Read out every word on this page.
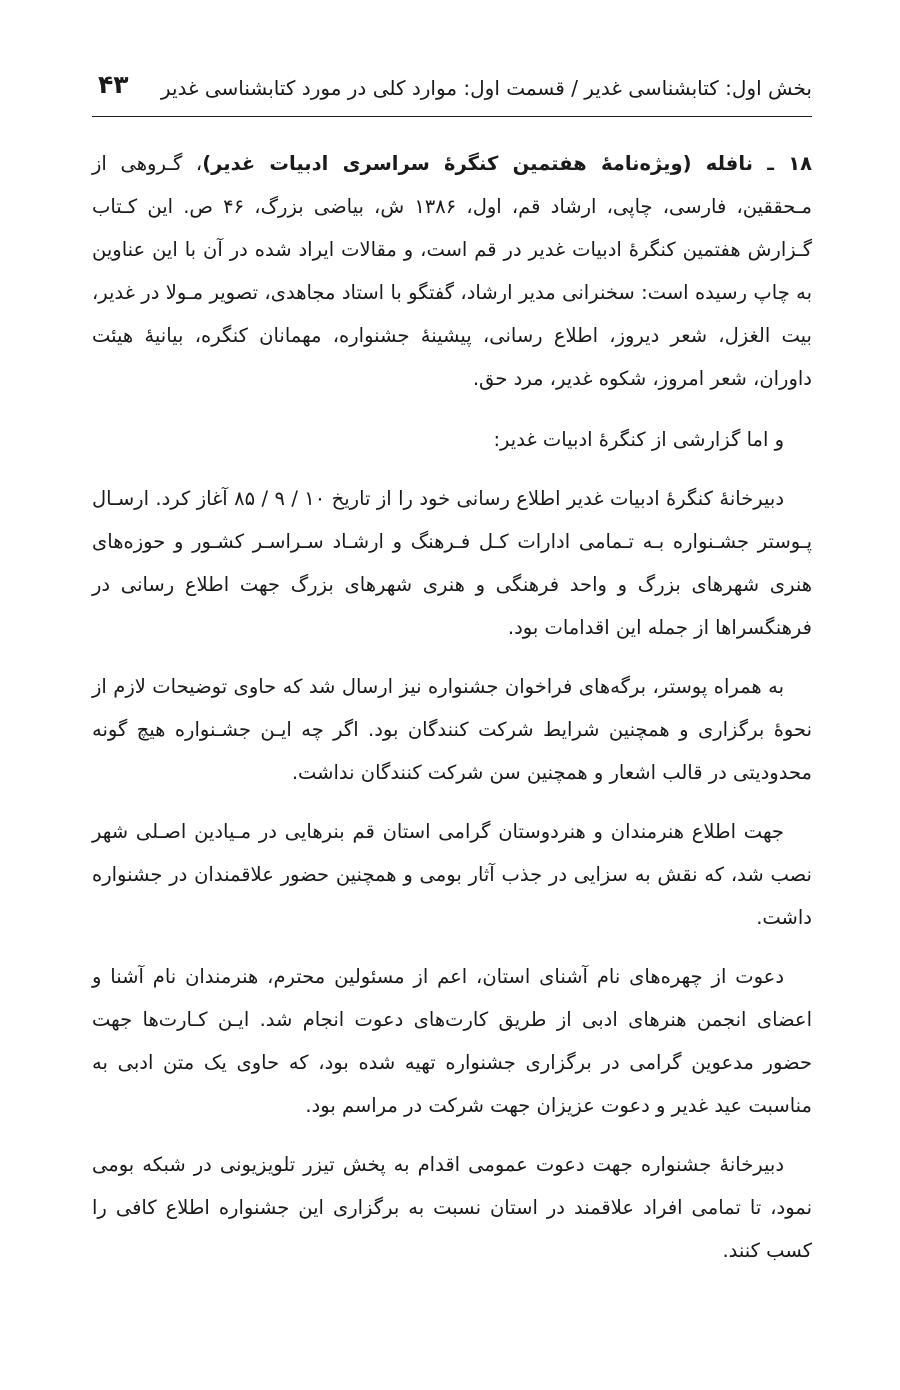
بخش اول: کتابشناسی غدیر / قسمت اول: موارد کلی در مورد کتابشناسی غدیر
۴۳

۱۸ ـ نافله (ویژه‌نامۀ هفتمین کنگرۀ سراسری ادبیات غدیر)، گـروهی از مـحققین، فارسی، چاپی، ارشاد قم، اول، ۱۳۸۶ ش، بیاضی بزرگ، ۴۶ ص. این کـتاب گـزارش هفتمین کنگرۀ ادبیات غدیر در قم است، و مقالات ایراد شده در آن با این عناوین به چاپ رسیده است: سخنرانی مدیر ارشاد، گفتگو با استاد مجاهدی، تصویر مـولا در غدیر، بیت الغزل، شعر دیروز، اطلاع رسانی، پیشینۀ جشنواره، مهمانان کنگره، بیانیۀ هیئت داوران، شعر امروز، شکوه غدیر، مرد حق.

و اما گزارشی از کنگرۀ ادبیات غدیر:

دبیرخانۀ کنگرۀ ادبیات غدیر اطلاع رسانی خود را از تاریخ ۱۰ / ۹ / ۸۵ آغاز کرد. ارسـال پـوستر جشـنواره بـه تـمامی ادارات کـل فـرهنگ و ارشـاد سـراسـر کشـور و حوزه‌های هنری شهرهای بزرگ و واحد فرهنگی و هنری شهرهای بزرگ جهت اطلاع رسانی در فرهنگسراها از جمله این اقدامات بود.

به همراه پوستر، برگه‌های فراخوان جشنواره نیز ارسال شد که حاوی توضیحات لازم از نحوۀ برگزاری و همچنین شرایط شرکت کنندگان بود. اگر چه ایـن جشـنواره هیچ گونه محدودیتی در قالب اشعار و همچنین سن شرکت کنندگان نداشت.

جهت اطلاع هنرمندان و هنردوستان گرامی استان قم بنرهایی در مـیادین اصـلی شهر نصب شد، که نقش به سزایی در جذب آثار بومی و همچنین حضور علاقمندان در جشنواره داشت.

دعوت از چهره‌های نام آشنای استان، اعم از مسئولین محترم، هنرمندان نام آشنا و اعضای انجمن هنرهای ادبی از طریق کارت‌های دعوت انجام شد. ایـن کـارت‌ها جهت حضور مدعوین گرامی در برگزاری جشنواره تهیه شده بود، که حاوی یک متن ادبی به مناسبت عید غدیر و دعوت عزیزان جهت شرکت در مراسم بود.

دبیرخانۀ جشنواره جهت دعوت عمومی اقدام به پخش تیزر تلویزیونی در شبکه بومی نمود، تا تمامی افراد علاقمند در استان نسبت به برگزاری این جشنواره اطلاع کافی را کسب کنند.
